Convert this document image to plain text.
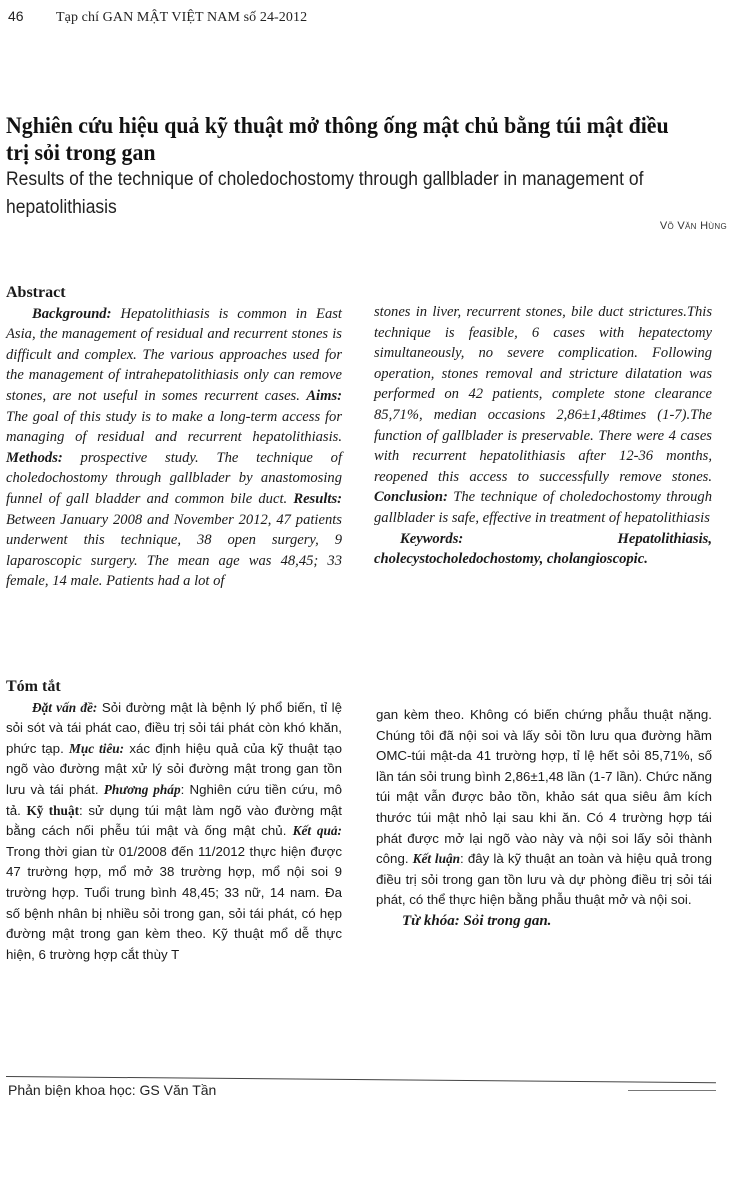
46 Tạp chí GAN MẬT VIỆT NAM số 24-2012
Nghiên cứu hiệu quả kỹ thuật mở thông ống mật chủ bằng túi mật điều trị sỏi trong gan
Results of the technique of choledochostomy through gallblader in management of hepatolithiasis
Võ Văn Hùng

Abstract

Background: Hepatolithiasis is common in East Asia, the management of residual and recurrent stones is difficult and complex. The various approaches used for the management of intrahepatolithiasis only can remove stones, are not useful in somes recurrent cases. Aims: The goal of this study is to make a long-term access for managing of residual and recurrent hepatolithiasis. Methods: prospective study. The technique of choledochostomy through gallblader by anastomosing funnel of gall bladder and common bile duct. Results: Between January 2008 and November 2012, 47 patients underwent this technique, 38 open surgery, 9 laparoscopic surgery. The mean age was 48,45; 33 female, 14 male. Patients had a lot of

stones in liver, recurrent stones, bile duct strictures.This technique is feasible, 6 cases with hepatectomy simultaneously, no severe complication. Following operation, stones removal and stricture dilatation was performed on 42 patients, complete stone clearance 85,71%, median occasions 2,86±1,48times (1-7).The function of gallblader is preservable. There were 4 cases with recurrent hepatolithiasis after 12-36 months, reopened this access to successfully remove stones. Conclusion: The technique of choledochostomy through gallblader is safe, effective in treatment of hepatolithiasis

Keywords: Hepatolithiasis, cholecystocholedochostomy, cholangioscopic.

Tóm tắt

Đặt vấn đề: Sỏi đường mật là bệnh lý phổ biến, tỉ lệ sỏi sót và tái phát cao, điều trị sỏi tái phát còn khó khăn, phức tạp. Mục tiêu: xác định hiệu quả của kỹ thuật tạo ngõ vào đường mật xử lý sỏi đường mật trong gan tồn lưu và tái phát. Phương pháp: Nghiên cứu tiền cứu, mô tả. Kỹ thuật: sử dụng túi mật làm ngõ vào đường mật bằng cách nối phễu túi mật và ống mật chủ. Kết quả: Trong thời gian từ 01/2008 đến 11/2012 thực hiện được 47 trường hợp, mổ mở 38 trường hợp, mổ nội soi 9 trường hợp. Tuổi trung bình 48,45; 33 nữ, 14 nam. Đa số bệnh nhân bị nhiều sỏi trong gan, sỏi tái phát, có hẹp đường mật trong gan kèm theo. Kỹ thuật mổ dễ thực hiện, 6 trường hợp cắt thùy T

gan kèm theo. Không có biến chứng phẫu thuật nặng. Chúng tôi đã nội soi và lấy sỏi tồn lưu qua đường hầm OMC-túi mật-da 41 trường hợp, tỉ lệ hết sỏi 85,71%, số lần tán sỏi trung bình 2,86±1,48 lần (1-7 lần). Chức năng túi mật vẫn được bảo tồn, khảo sát qua siêu âm kích thước túi mật nhỏ lại sau khi ăn. Có 4 trường hợp tái phát được mở lại ngõ vào này và nội soi lấy sỏi thành công. Kết luận: đây là kỹ thuật an toàn và hiệu quả trong điều trị sỏi trong gan tồn lưu và dự phòng điều trị sỏi tái phát, có thể thực hiện bằng phẫu thuật mở và nội soi.

Từ khóa: Sỏi trong gan.

Phản biện khoa học: GS Văn Tần
